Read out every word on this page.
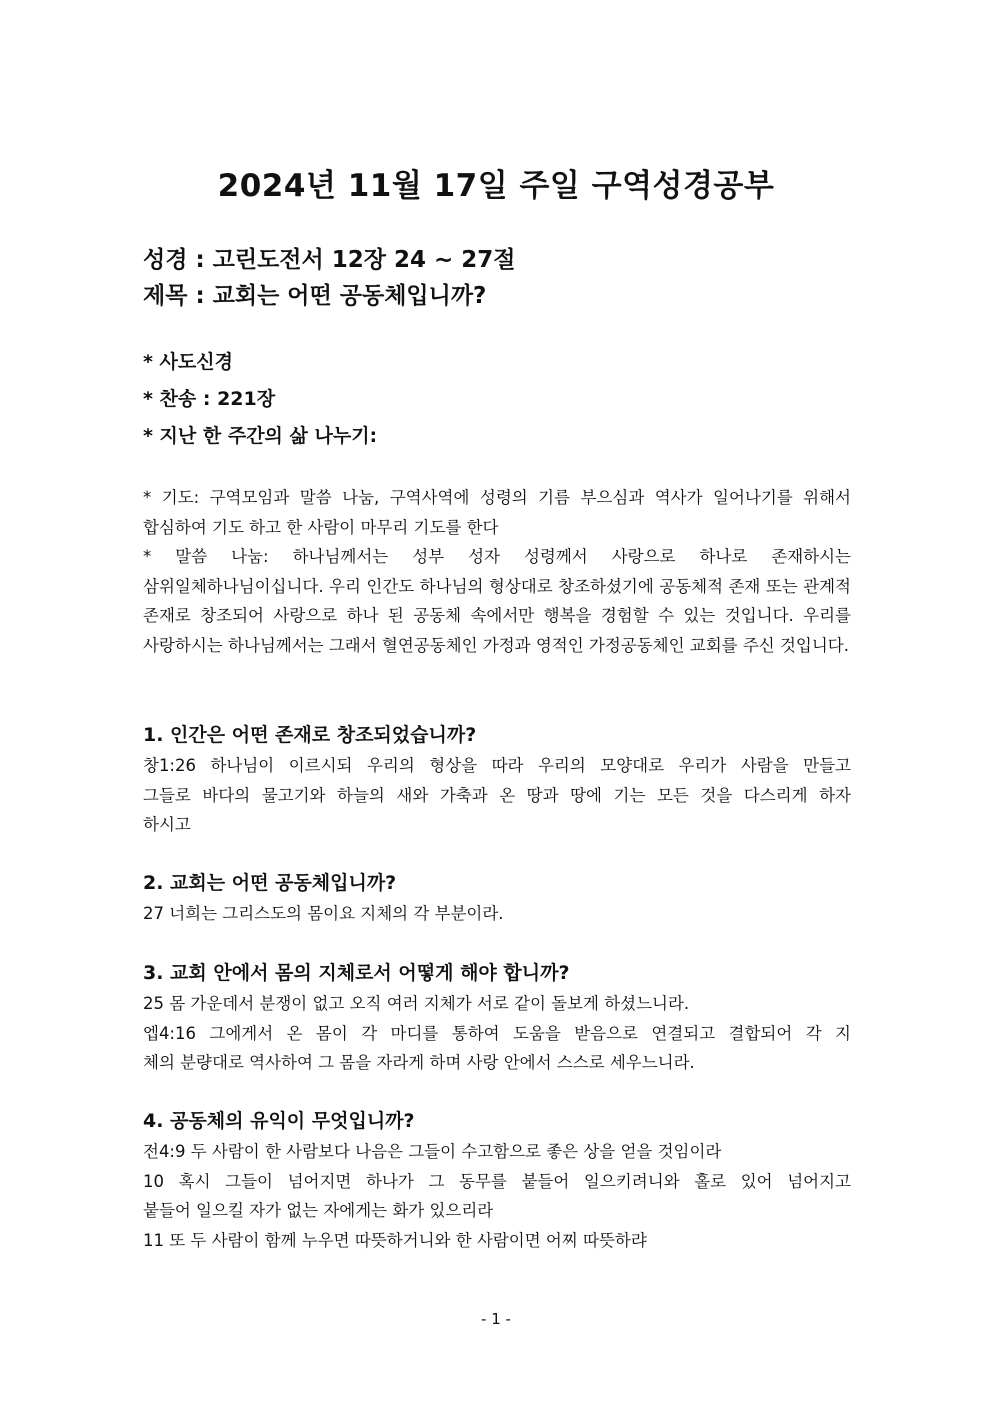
2024년 11월 17일 주일 구역성경공부
성경 : 고린도전서 12장 24 ~ 27절
제목 : 교회는 어떤 공동체입니까?
* 사도신경
* 찬송 : 221장
* 지난 한 주간의 삶 나누기:

* 기도: 구역모임과 말씀 나눔, 구역사역에 성령의 기름 부으심과 역사가 일어나기를 위해서 합심하여 기도 하고 한 사람이 마무리 기도를 한다

* 말씀 나눔: 하나님께서는 성부 성자 성령께서 사랑으로 하나로 존재하시는 삼위일체하나님이십니다. 우리 인간도 하나님의 형상대로 창조하셨기에 공동체적 존재 또는 관계적 존재로 창조되어 사랑으로 하나 된 공동체 속에서만 행복을 경험할 수 있는 것입니다. 우리를 사랑하시는 하나님께서는 그래서 혈연공동체인 가정과 영적인 가정공동체인 교회를 주신 것입니다.

1. 인간은 어떤 존재로 창조되었습니까?
창1:26 하나님이 이르시되 우리의 형상을 따라 우리의 모양대로 우리가 사람을 만들고
그들로 바다의 물고기와 하늘의 새와 가축과 온 땅과 땅에 기는 모든 것을 다스리게 하자
하시고
2. 교회는 어떤 공동체입니까?
27 너희는 그리스도의 몸이요 지체의 각 부분이라.
3. 교회 안에서 몸의 지체로서 어떻게 해야 합니까?
25 몸 가운데서 분쟁이 없고 오직 여러 지체가 서로 같이 돌보게 하셨느니라.
엡4:16 그에게서 온 몸이 각 마디를 통하여 도움을 받음으로 연결되고 결합되어 각 지
체의 분량대로 역사하여 그 몸을 자라게 하며 사랑 안에서 스스로 세우느니라.
4. 공동체의 유익이 무엇입니까?
전4:9 두 사람이 한 사람보다 나음은 그들이 수고함으로 좋은 상을 얻을 것임이라
10 혹시 그들이 넘어지면 하나가 그 동무를 붙들어 일으키려니와 홀로 있어 넘어지고
붙들어 일으킬 자가 없는 자에게는 화가 있으리라
11 또 두 사람이 함께 누우면 따뜻하거니와 한 사람이면 어찌 따뜻하랴
- 1 -
